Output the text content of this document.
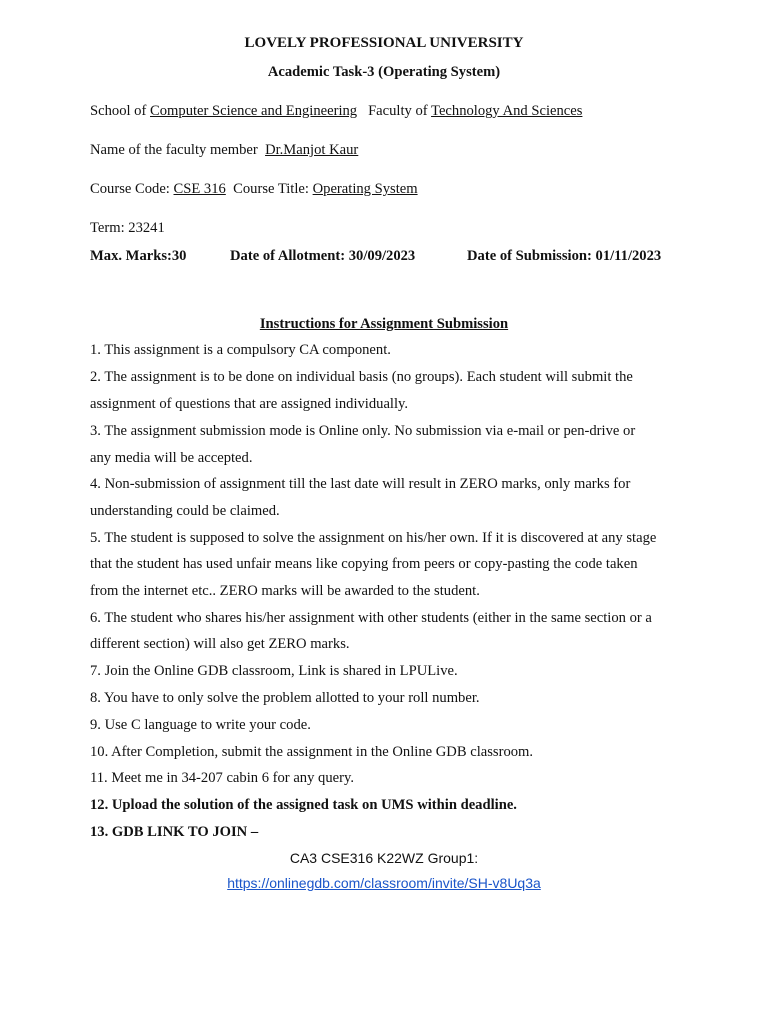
LOVELY PROFESSIONAL UNIVERSITY
Academic Task-3 (Operating System)
School of Computer Science and Engineering Faculty of Technology And Sciences
Name of the faculty member Dr.Manjot Kaur
Course Code: CSE 316 Course Title: Operating System
Term: 23241
Max. Marks:30	Date of Allotment: 30/09/2023	Date of Submission: 01/11/2023
Instructions for Assignment Submission
1. This assignment is a compulsory CA component.
2. The assignment is to be done on individual basis (no groups). Each student will submit the
assignment of questions that are assigned individually.
3. The assignment submission mode is Online only. No submission via e-mail or pen-drive or
any media will be accepted.
4. Non-submission of assignment till the last date will result in ZERO marks, only marks for
understanding could be claimed.
5. The student is supposed to solve the assignment on his/her own. If it is discovered at any stage
that the student has used unfair means like copying from peers or copy-pasting the code taken
from the internet etc.. ZERO marks will be awarded to the student.
6. The student who shares his/her assignment with other students (either in the same section or a
different section) will also get ZERO marks.
7. Join the Online GDB classroom, Link is shared in LPULive.
8. You have to only solve the problem allotted to your roll number.
9. Use C language to write your code.
10. After Completion, submit the assignment in the Online GDB classroom.
11. Meet me in 34-207 cabin 6 for any query.
12. Upload the solution of the assigned task on UMS within deadline.
13. GDB LINK TO JOIN –
CA3 CSE316 K22WZ Group1:
https://onlinegdb.com/classroom/invite/SH-v8Uq3a
